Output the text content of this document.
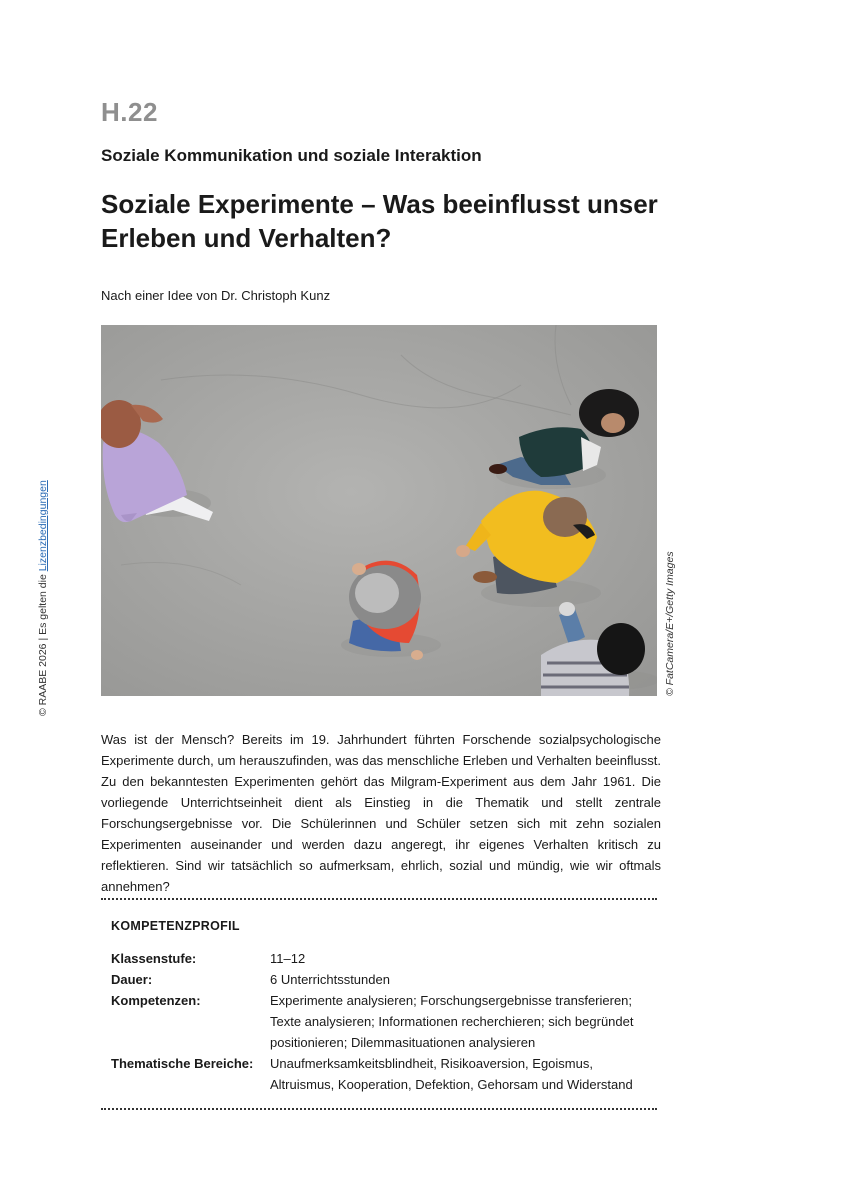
H.22
Soziale Kommunikation und soziale Interaktion
Soziale Experimente – Was beeinflusst unser Erleben und Verhalten?
Nach einer Idee von Dr. Christoph Kunz
© FatCamera/E+/Getty Images
© RAABE 2026 | Es gelten die Lizenzbedingungen
Was ist der Mensch? Bereits im 19. Jahrhundert führten Forschende sozialpsychologische Experimente durch, um herauszufinden, was das menschliche Erleben und Verhalten beeinflusst. Zu den bekanntesten Experimenten gehört das Milgram-Experiment aus dem Jahr 1961. Die vorliegende Unterrichtseinheit dient als Einstieg in die Thematik und stellt zentrale Forschungsergebnisse vor. Die Schülerinnen und Schüler setzen sich mit zehn sozialen Experimenten auseinander und werden dazu angeregt, ihr eigenes Verhalten kritisch zu reflektieren. Sind wir tatsächlich so aufmerksam, ehrlich, sozial und mündig, wie wir oftmals annehmen?
KOMPETENZPROFIL
Klassenstufe:	11–12
Dauer:	6 Unterrichtsstunden
Kompetenzen:	Experimente analysieren; Forschungsergebnisse transferieren; Texte analysieren; Informationen recherchieren; sich begründet positionieren; Dilemmasituationen analysieren
Thematische Bereiche:	Unaufmerksamkeitsblindheit, Risikoaversion, Egoismus, Altruismus, Kooperation, Defektion, Gehorsam und Widerstand
